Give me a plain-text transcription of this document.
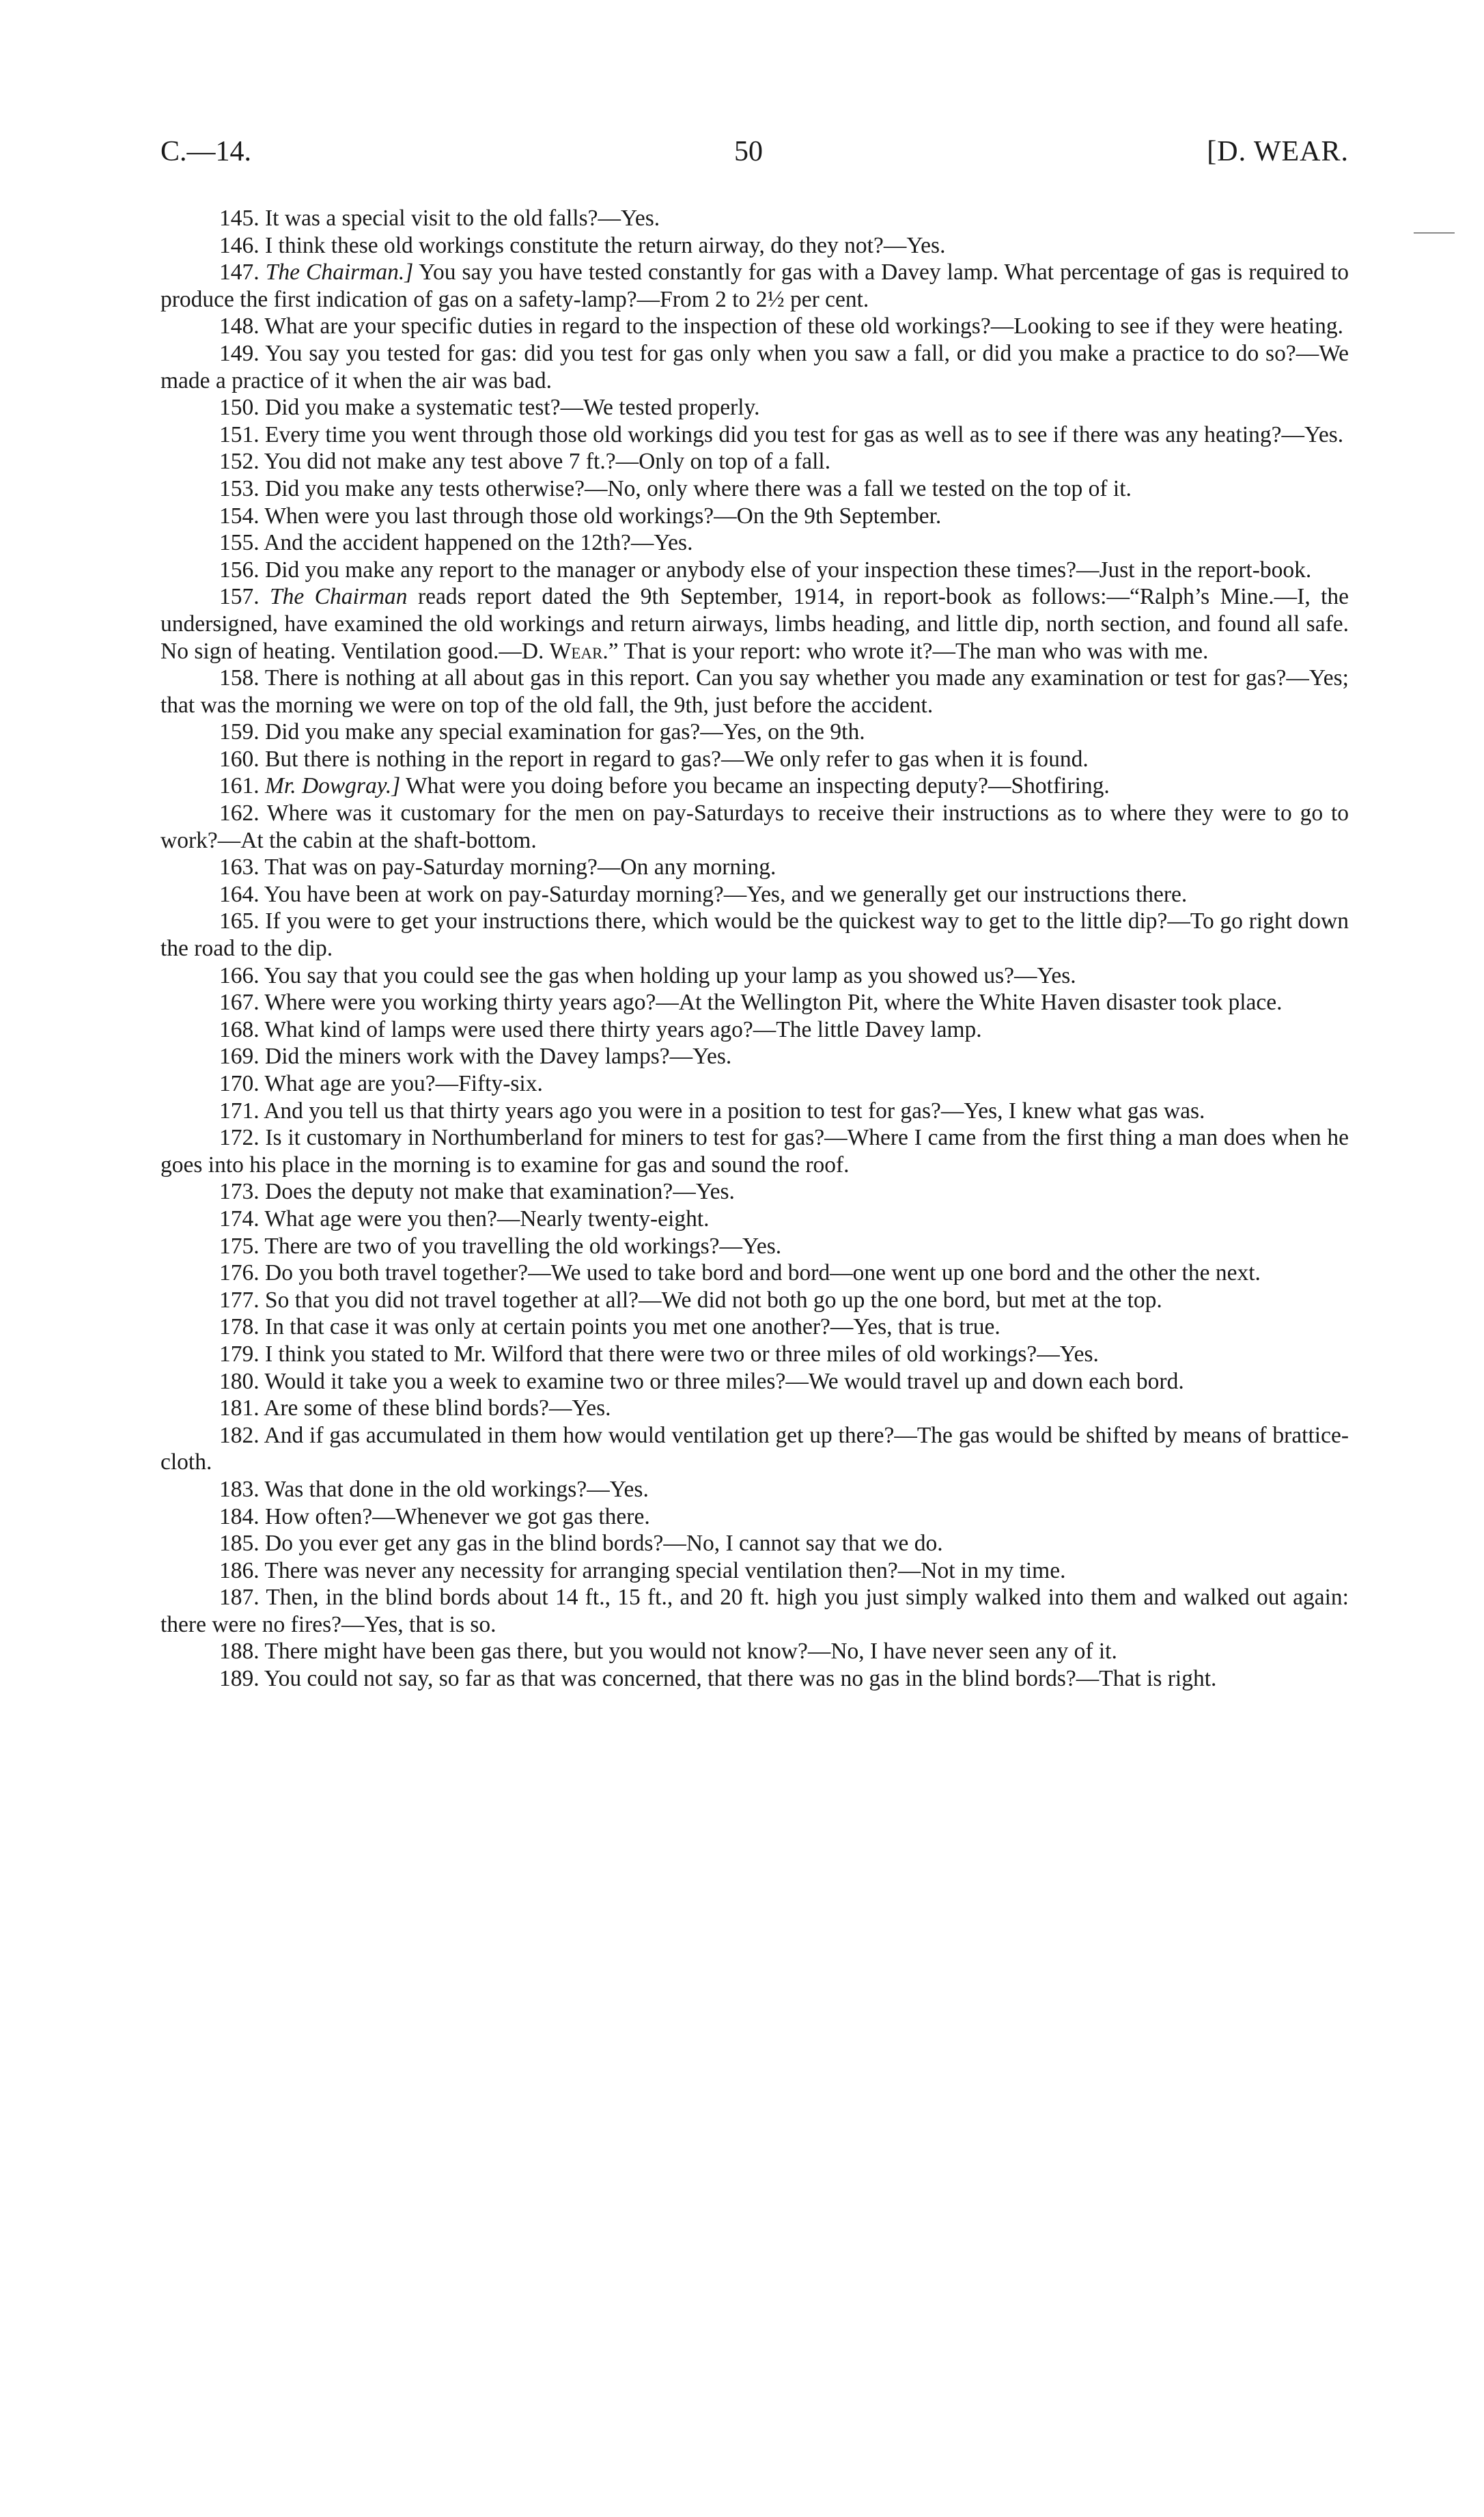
C.—14.	50	[D. WEAR.

145. It was a special visit to the old falls?—Yes.

146. I think these old workings constitute the return airway, do they not?—Yes.

147. The Chairman.] You say you have tested constantly for gas with a Davey lamp. What percentage of gas is required to produce the first indication of gas on a safety-lamp?—From 2 to 2½ per cent.

148. What are your specific duties in regard to the inspection of these old workings?—Looking to see if they were heating.

149. You say you tested for gas: did you test for gas only when you saw a fall, or did you make a practice to do so?—We made a practice of it when the air was bad.

150. Did you make a systematic test?—We tested properly.

151. Every time you went through those old workings did you test for gas as well as to see if there was any heating?—Yes.

152. You did not make any test above 7 ft.?—Only on top of a fall.

153. Did you make any tests otherwise?—No, only where there was a fall we tested on the top of it.

154. When were you last through those old workings?—On the 9th September.

155. And the accident happened on the 12th?—Yes.

156. Did you make any report to the manager or anybody else of your inspection these times?—Just in the report-book.

157. The Chairman reads report dated the 9th September, 1914, in report-book as follows:—“Ralph’s Mine.—I, the undersigned, have examined the old workings and return airways, limbs heading, and little dip, north section, and found all safe. No sign of heating. Ventilation good.—D. Wear.” That is your report: who wrote it?—The man who was with me.

158. There is nothing at all about gas in this report. Can you say whether you made any examination or test for gas?—Yes; that was the morning we were on top of the old fall, the 9th, just before the accident.

159. Did you make any special examination for gas?—Yes, on the 9th.

160. But there is nothing in the report in regard to gas?—We only refer to gas when it is found.

161. Mr. Dowgray.] What were you doing before you became an inspecting deputy?—Shotfiring.

162. Where was it customary for the men on pay-Saturdays to receive their instructions as to where they were to go to work?—At the cabin at the shaft-bottom.

163. That was on pay-Saturday morning?—On any morning.

164. You have been at work on pay-Saturday morning?—Yes, and we generally get our instructions there.

165. If you were to get your instructions there, which would be the quickest way to get to the little dip?—To go right down the road to the dip.

166. You say that you could see the gas when holding up your lamp as you showed us?—Yes.

167. Where were you working thirty years ago?—At the Wellington Pit, where the White Haven disaster took place.

168. What kind of lamps were used there thirty years ago?—The little Davey lamp.

169. Did the miners work with the Davey lamps?—Yes.

170. What age are you?—Fifty-six.

171. And you tell us that thirty years ago you were in a position to test for gas?—Yes, I knew what gas was.

172. Is it customary in Northumberland for miners to test for gas?—Where I came from the first thing a man does when he goes into his place in the morning is to examine for gas and sound the roof.

173. Does the deputy not make that examination?—Yes.

174. What age were you then?—Nearly twenty-eight.

175. There are two of you travelling the old workings?—Yes.

176. Do you both travel together?—We used to take bord and bord—one went up one bord and the other the next.

177. So that you did not travel together at all?—We did not both go up the one bord, but met at the top.

178. In that case it was only at certain points you met one another?—Yes, that is true.

179. I think you stated to Mr. Wilford that there were two or three miles of old workings?—Yes.

180. Would it take you a week to examine two or three miles?—We would travel up and down each bord.

181. Are some of these blind bords?—Yes.

182. And if gas accumulated in them how would ventilation get up there?—The gas would be shifted by means of brattice-cloth.

183. Was that done in the old workings?—Yes.

184. How often?—Whenever we got gas there.

185. Do you ever get any gas in the blind bords?—No, I cannot say that we do.

186. There was never any necessity for arranging special ventilation then?—Not in my time.

187. Then, in the blind bords about 14 ft., 15 ft., and 20 ft. high you just simply walked into them and walked out again: there were no fires?—Yes, that is so.

188. There might have been gas there, but you would not know?—No, I have never seen any of it.

189. You could not say, so far as that was concerned, that there was no gas in the blind bords?—That is right.
